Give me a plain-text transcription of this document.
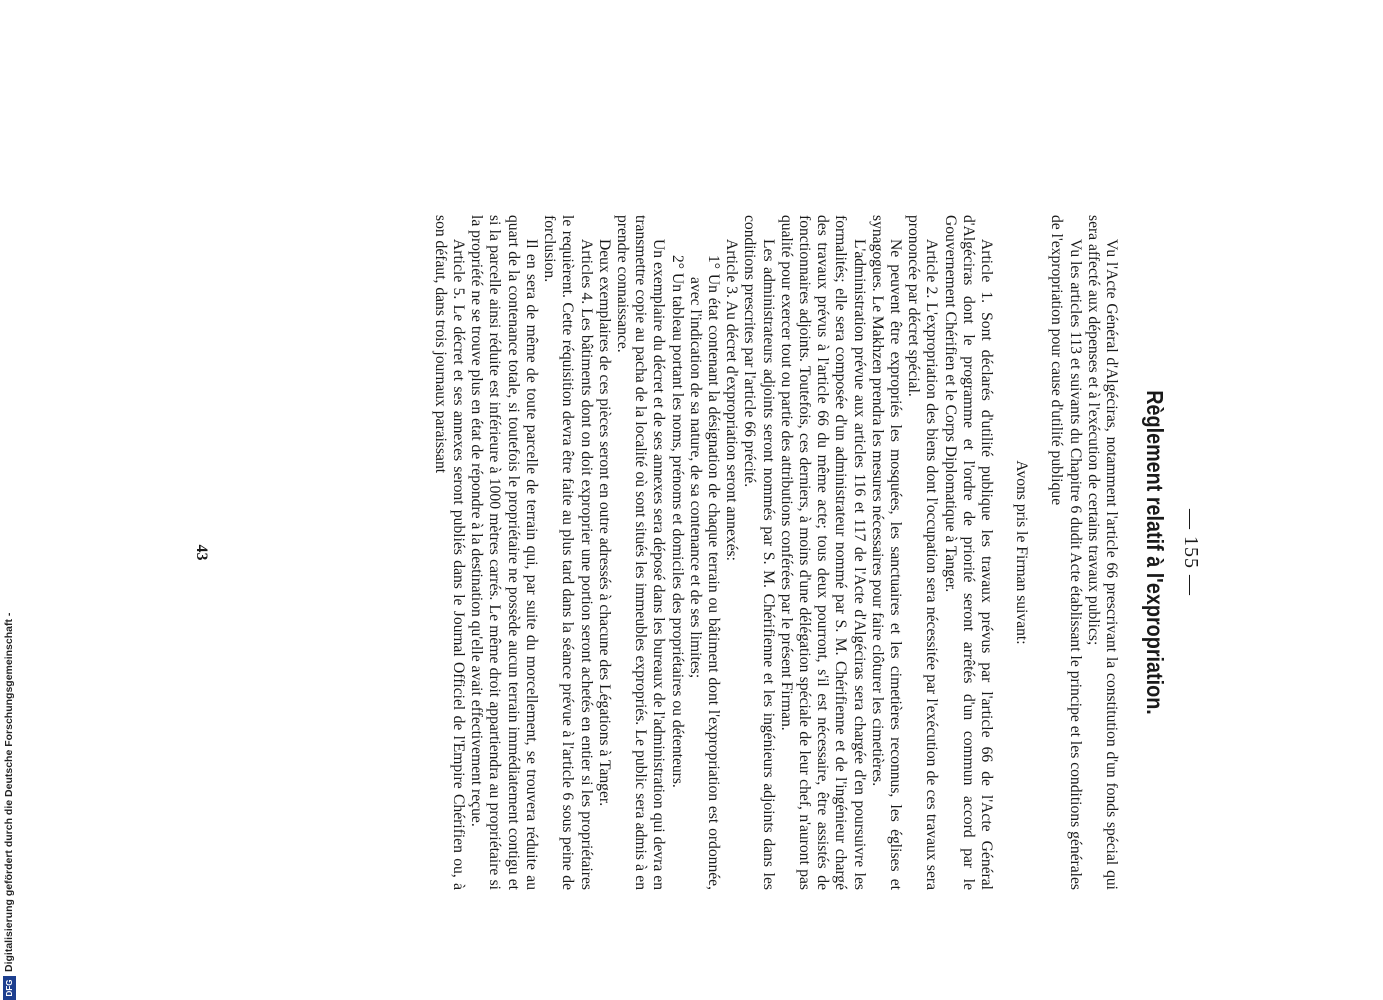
— 155 —
Règlement relatif à l'expropriation.

Vu l'Acte Général d'Algéciras, notamment l'article 66 prescrivant la constitution d'un fonds spécial qui sera affecté aux dépenses et à l'exécution de certains travaux publics;

Vu les articles 113 et suivants du Chapitre 6 dudit Acte établissant le principe et les conditions générales de l'expropriation pour cause d'utilité publique

Avons pris le Firman suivant:

Article 1. Sont déclarés d'utilité publique les travaux prévus par l'article 66 de l'Acte Général d'Algéciras dont le programme et l'ordre de priorité seront arrêtés d'un commun accord par le Gouvernement Chérifien et le Corps Diplomatique à Tanger.

Article 2. L'expropriation des biens dont l'occupation sera nécessitée par l'exécution de ces travaux sera prononcée par décret spécial.

Ne peuvent être expropriés les mosquées, les sanctuaires et les cimetières reconnus, les églises et synagogues. Le Makhzen prendra les mesures nécessaires pour faire clôturer les cimetières.

L'administration prévue aux articles 116 et 117 de l'Acte d'Algéciras sera chargée d'en poursuivre les formalités; elle sera composée d'un administrateur nommé par S. M. Chérifienne et de l'ingénieur chargé des travaux prévus à l'article 66 du même acte; tous deux pourront, s'il est nécessaire, être assistés de fonctionnaires adjoints. Toutefois, ces derniers, à moins d'une délégation spéciale de leur chef, n'auront pas qualité pour exercer tout ou partie des attributions conférées par le présent Firman.

Les administrateurs adjoints seront nommés par S. M. Chérifienne et les ingénieurs adjoints dans les conditions prescrites par l'article 66 précité.

Article 3. Au décret d'expropriation seront annexés:

1° Un état contenant la désignation de chaque terrain ou bâtiment dont l'expropriation est ordonnée, avec l'indication de sa nature, de sa contenance et de ses limites;

2° Un tableau portant les noms, prénoms et domiciles des propriétaires ou détenteurs.

Un exemplaire du décret et de ses annexes sera déposé dans les bureaux de l'administration qui devra en transmettre copie au pacha de la localité où sont situés les immeubles expropriés. Le public sera admis à en prendre connaissance.

Deux exemplaires de ces pièces seront en outre adressés à chacune des Légations à Tanger.

Articles 4. Les bâtiments dont on doit exproprier une portion seront achetés en entier si les propriétaires le requièrent. Cette réquisition devra être faite au plus tard dans la séance prévue à l'article 6 sous peine de forclusion.

Il en sera de même de toute parcelle de terrain qui, par suite du morcellement, se trouvera réduite au quart de la contenance totale, si toutefois le propriétaire ne possède aucun terrain immédiatement contigu et si la parcelle ainsi réduite est inférieure à 1000 mètres carrés. Le même droit appartiendra au propriétaire si la propriété ne se trouve plus en état de répondre à la destination qu'elle avait effectivement reçue.

Article 5. Le décret et ses annexes seront publiés dans le Journal Officiel de l'Empire Chérifien ou, à son défaut, dans trois journaux paraissant

43
DFG
Digitalisierung gefördert durch die Deutsche Forschungsgemeinschaft -
